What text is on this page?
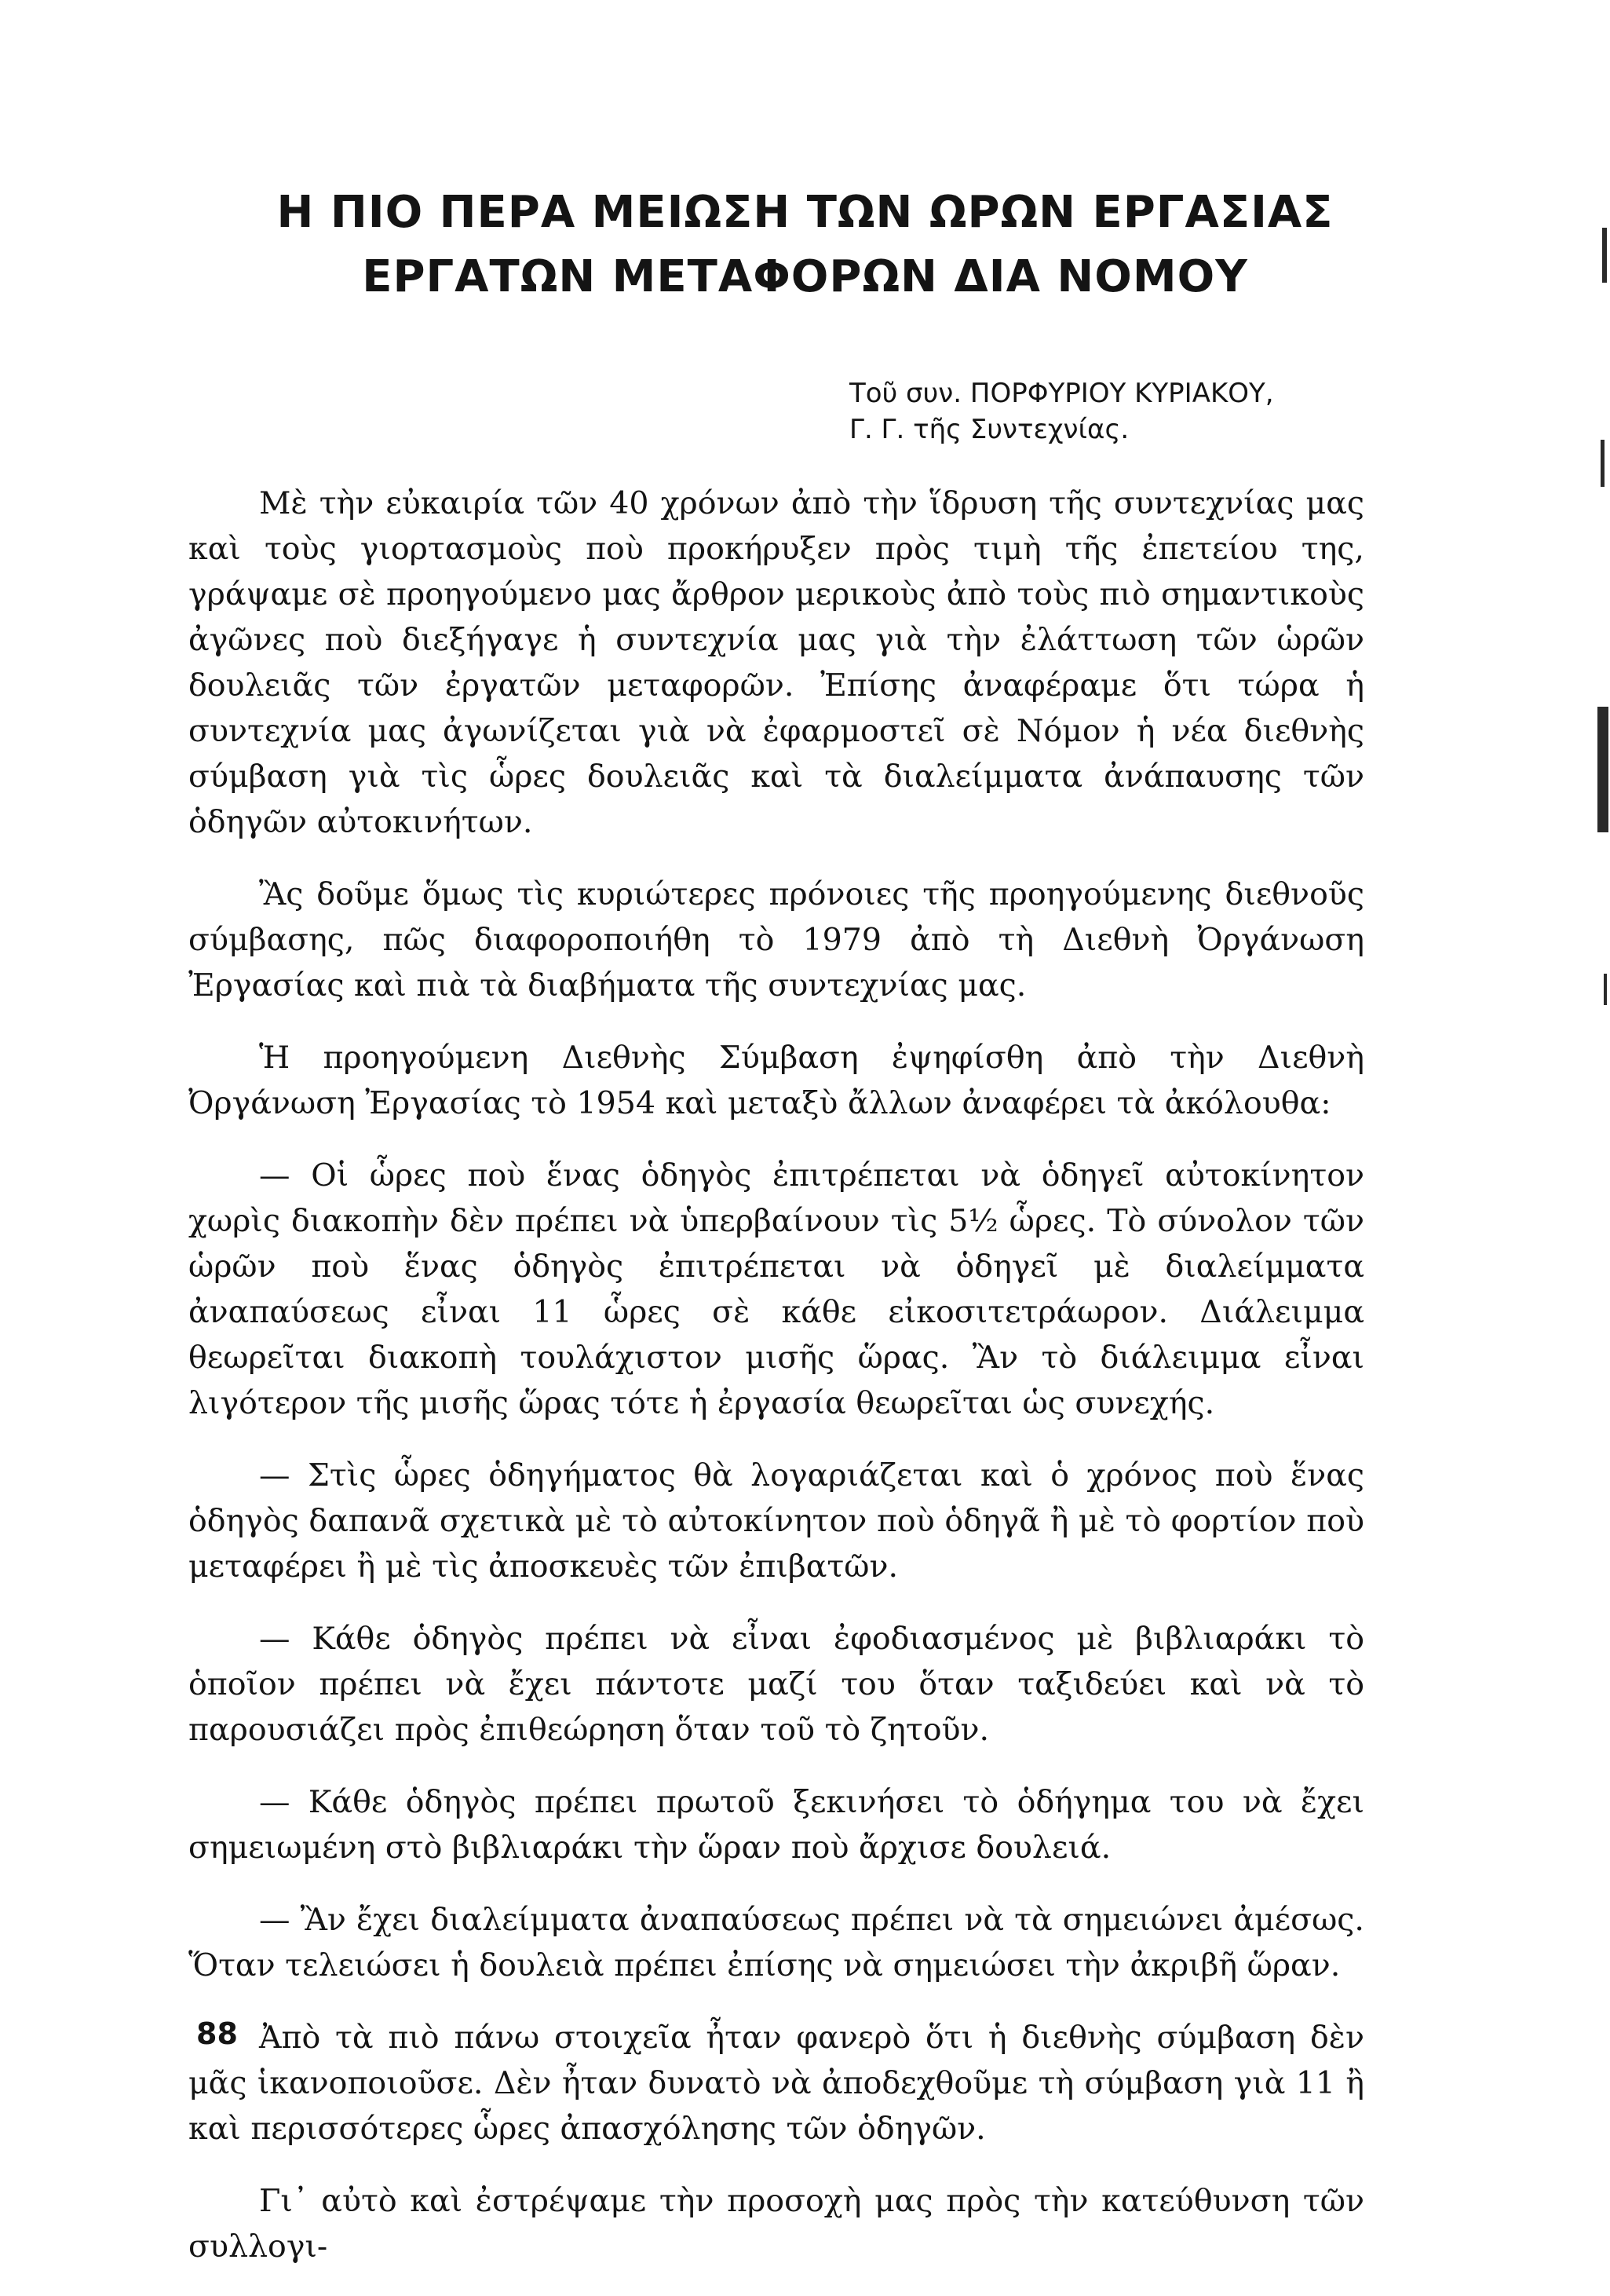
Η ΠΙΟ ΠΕΡΑ ΜΕΙΩΣΗ ΤΩΝ ΩΡΩΝ ΕΡΓΑΣΙΑΣ
ΕΡΓΑΤΩΝ ΜΕΤΑΦΟΡΩΝ ΔΙΑ ΝΟΜΟΥ
Τοῦ συν. ΠΟΡΦΥΡΙΟΥ ΚΥΡΙΑΚΟΥ,
Γ. Γ. τῆς Συντεχνίας.

Μὲ τὴν εὐκαιρία τῶν 40 χρόνων ἀπὸ τὴν ἵδρυση τῆς συντεχνίας μας καὶ τοὺς γιορτασμοὺς ποὺ προκήρυξεν πρὸς τιμὴ τῆς ἐπετείου της, γράψαμε σὲ προηγούμενο μας ἄρθρον μερικοὺς ἀπὸ τοὺς πιὸ σημαντικοὺς ἀγῶνες ποὺ διεξήγαγε ἡ συντεχνία μας γιὰ τὴν ἐλάττωση τῶν ὡρῶν δουλειᾶς τῶν ἐργατῶν μεταφορῶν. Ἐπίσης ἀναφέραμε ὅτι τώρα ἡ συντεχνία μας ἀγωνίζεται γιὰ νὰ ἐφαρμοστεῖ σὲ Νόμον ἡ νέα διεθνὴς σύμβαση γιὰ τὶς ὧρες δουλειᾶς καὶ τὰ διαλείμματα ἀνάπαυσης τῶν ὁδηγῶν αὐτοκινήτων.

Ἂς δοῦμε ὅμως τὶς κυριώτερες πρόνοιες τῆς προηγούμενης διεθνοῦς σύμβασης, πῶς διαφοροποιήθη τὸ 1979 ἀπὸ τὴ Διεθνὴ Ὀργάνωση Ἐργασίας καὶ πιὰ τὰ διαβήματα τῆς συντεχνίας μας.

Ἡ προηγούμενη Διεθνὴς Σύμβαση ἐψηφίσθη ἀπὸ τὴν Διεθνὴ Ὀργάνωση Ἐργασίας τὸ 1954 καὶ μεταξὺ ἄλλων ἀναφέρει τὰ ἀκόλουθα:

— Οἱ ὧρες ποὺ ἕνας ὁδηγὸς ἐπιτρέπεται νὰ ὁδηγεῖ αὐτοκίνητον χωρὶς διακοπὴν δὲν πρέπει νὰ ὑπερβαίνουν τὶς 5½ ὧρες. Τὸ σύνολον τῶν ὡρῶν ποὺ ἕνας ὁδηγὸς ἐπιτρέπεται νὰ ὁδηγεῖ μὲ διαλείμματα ἀναπαύσεως εἶναι 11 ὧρες σὲ κάθε εἰκοσιτετράωρον. Διάλειμμα θεωρεῖται διακοπὴ τουλάχιστον μισῆς ὥρας. Ἂν τὸ διάλειμμα εἶναι λιγότερον τῆς μισῆς ὥρας τότε ἡ ἐργασία θεωρεῖται ὡς συνεχής.

— Στὶς ὧρες ὁδηγήματος θὰ λογαριάζεται καὶ ὁ χρόνος ποὺ ἕνας ὁδηγὸς δαπανᾶ σχετικὰ μὲ τὸ αὐτοκίνητον ποὺ ὁδηγᾶ ἢ μὲ τὸ φορτίον ποὺ μεταφέρει ἢ μὲ τὶς ἀποσκευὲς τῶν ἐπιβατῶν.

— Κάθε ὁδηγὸς πρέπει νὰ εἶναι ἐφοδιασμένος μὲ βιβλιαράκι τὸ ὁποῖον πρέπει νὰ ἔχει πάντοτε μαζί του ὅταν ταξιδεύει καὶ νὰ τὸ παρουσιάζει πρὸς ἐπιθεώρηση ὅταν τοῦ τὸ ζητοῦν.

— Κάθε ὁδηγὸς πρέπει πρωτοῦ ξεκινήσει τὸ ὁδήγημα του νὰ ἔχει σημειωμένη στὸ βιβλιαράκι τὴν ὥραν ποὺ ἄρχισε δουλειά.

— Ἂν ἔχει διαλείμματα ἀναπαύσεως πρέπει νὰ τὰ σημειώνει ἀμέσως. Ὅταν τελειώσει ἡ δουλειὰ πρέπει ἐπίσης νὰ σημειώσει τὴν ἀκριβῆ ὥραν.

Ἀπὸ τὰ πιὸ πάνω στοιχεῖα ἦταν φανερὸ ὅτι ἡ διεθνὴς σύμβαση δὲν μᾶς ἱκανοποιοῦσε. Δὲν ἦταν δυνατὸ νὰ ἀποδεχθοῦμε τὴ σύμβαση γιὰ 11 ἢ καὶ περισσότερες ὧρες ἀπασχόλησης τῶν ὁδηγῶν.

Γι᾽ αὐτὸ καὶ ἐστρέψαμε τὴν προσοχὴ μας πρὸς τὴν κατεύθυνση τῶν συλλογι-

88
